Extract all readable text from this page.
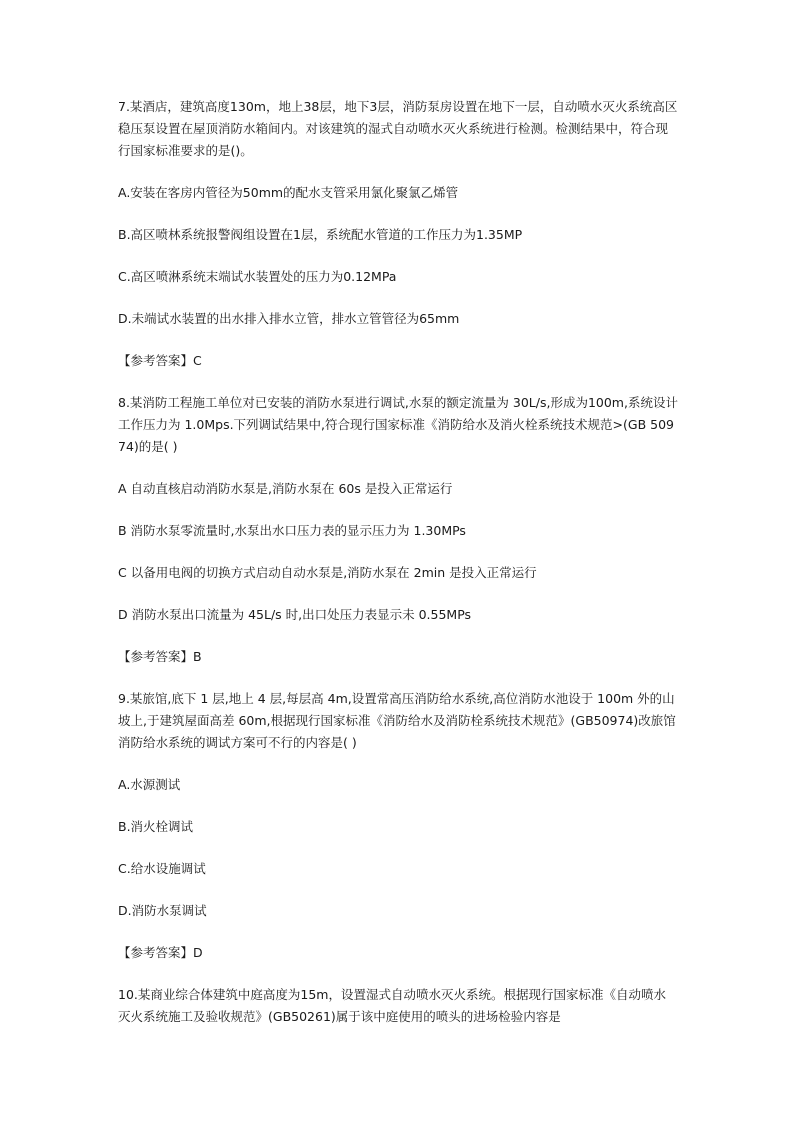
7.某酒店，建筑高度130m，地上38层，地下3层，消防泵房设置在地下一层，自动喷水灭火系统高区稳压泵设置在屋顶消防水箱间内。对该建筑的湿式自动喷水灭火系统进行检测。检测结果中，符合现行国家标准要求的是()。

A.安装在客房内管径为50mm的配水支管采用氯化聚氯乙烯管

B.高区喷林系统报警阀组设置在1层，系统配水管道的工作压力为1.35MP

C.高区喷淋系统末端试水装置处的压力为0.12MPa

D.未端试水装置的出水排入排水立管，排水立管管径为65mm

【参考答案】C

8.某消防工程施工单位对已安装的消防水泵进行调试,水泵的额定流量为 30L/s,形成为100m,系统设计工作压力为 1.0Mps.下列调试结果中,符合现行国家标准《消防给水及消火栓系统技术规范>(GB 50974)的是( )

A 自动直核启动消防水泵是,消防水泵在 60s 是投入正常运行

B 消防水泵零流量时,水泵出水口压力表的显示压力为 1.30MPs

C 以备用电阀的切换方式启动自动水泵是,消防水泵在 2min 是投入正常运行

D 消防水泵出口流量为 45L/s 时,出口处压力表显示未 0.55MPs

【参考答案】B

9.某旅馆,底下 1 层,地上 4 层,每层高 4m,设置常高压消防给水系统,高位消防水池设于 100m 外的山坡上,于建筑屋面高差 60m,根据现行国家标准《消防给水及消防栓系统技术规范》(GB50974)改旅馆消防给水系统的调试方案可不行的内容是( )

A.水源测试

B.消火栓调试

C.给水设施调试

D.消防水泵调试

【参考答案】D

10.某商业综合体建筑中庭高度为15m，设置湿式自动喷水灭火系统。根据现行国家标准《自动喷水灭火系统施工及验收规范》(GB50261)属于该中庭使用的喷头的进场检验内容是
